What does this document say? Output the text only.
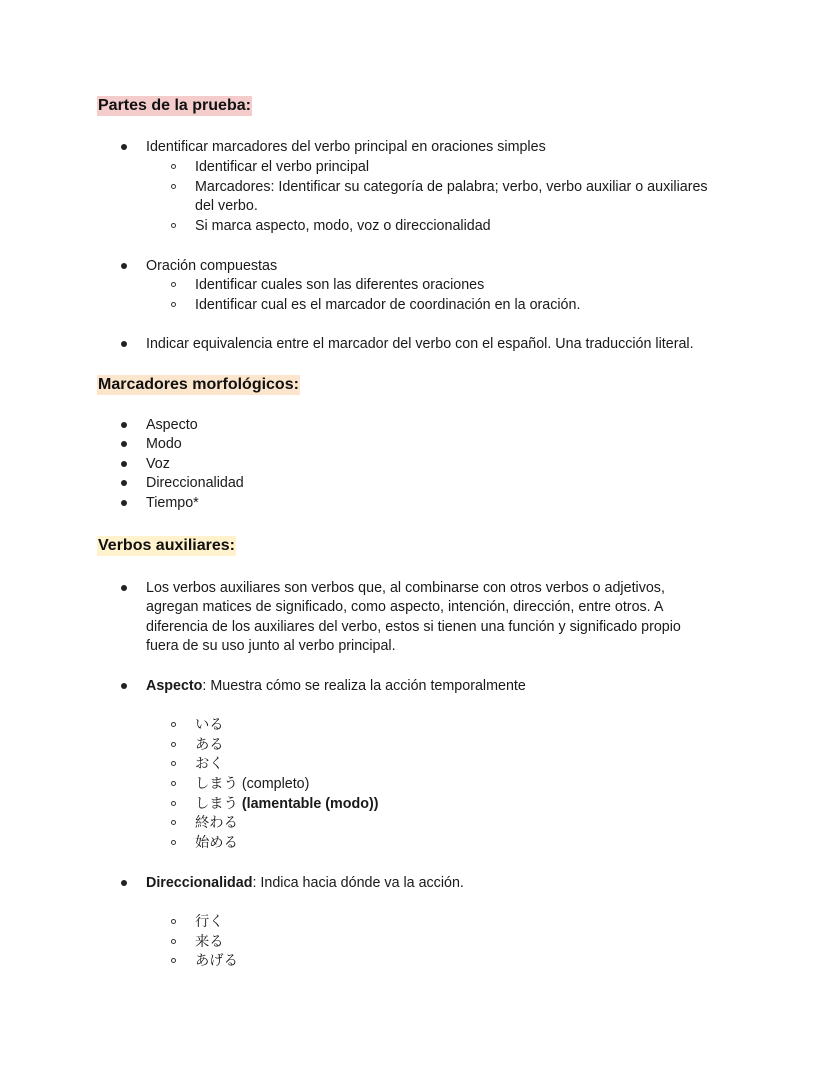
Partes de la prueba:
Identificar marcadores del verbo principal en oraciones simples
Identificar el verbo principal
Marcadores: Identificar su categoría de palabra; verbo, verbo auxiliar o auxiliares
del verbo.
Si marca aspecto, modo, voz o direccionalidad
Oración compuestas
Identificar cuales son las diferentes oraciones
Identificar cual es el marcador de coordinación en la oración.
Indicar equivalencia entre el marcador del verbo con el español. Una traducción literal.
Marcadores morfológicos:
Aspecto
Modo
Voz
Direccionalidad
Tiempo*
Verbos auxiliares:
Los verbos auxiliares son verbos que, al combinarse con otros verbos o adjetivos,
agregan matices de significado, como aspecto, intención, dirección, entre otros. A
diferencia de los auxiliares del verbo, estos si tienen una función y significado propio
fuera de su uso junto al verbo principal.
Aspecto: Muestra cómo se realiza la acción temporalmente
いる
ある
おく
しまう (completo)
しまう (lamentable (modo))
終わる
始める
Direccionalidad: Indica hacia dónde va la acción.
行く
来る
あげる
